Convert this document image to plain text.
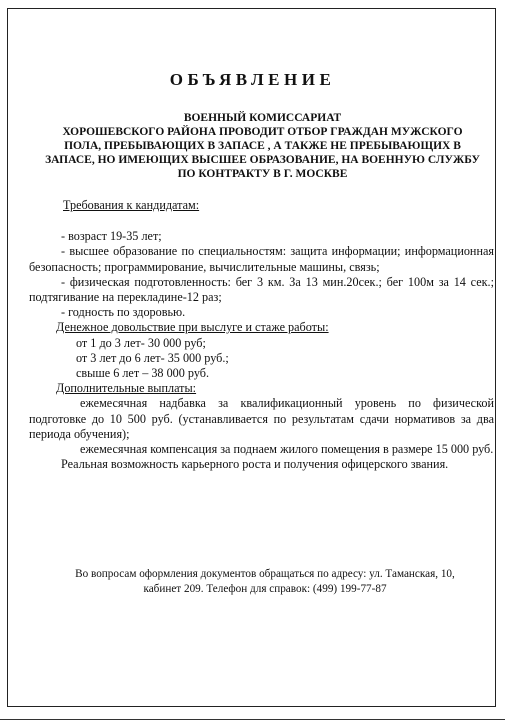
ОБЪЯВЛЕНИЕ
ВОЕННЫЙ КОМИССАРИАТ
ХОРОШЕВСКОГО РАЙОНА ПРОВОДИТ ОТБОР ГРАЖДАН МУЖСКОГО
ПОЛА, ПРЕБЫВАЮЩИХ В ЗАПАСЕ , А ТАКЖЕ НЕ ПРЕБЫВАЮЩИХ В
ЗАПАСЕ, НО ИМЕЮЩИХ ВЫСШЕЕ ОБРАЗОВАНИЕ, НА ВОЕННУЮ СЛУЖБУ
ПО КОНТРАКТУ В Г. МОСКВЕ

Требования к кандидатам:

- возраст 19-35 лет;

- высшее образование по специальностям: защита информации; информационная безопасность; программирование, вычислительные машины, связь;

- физическая подготовленность: бег 3 км. За 13 мин.20сек.; бег 100м за 14 сек.; подтягивание на перекладине-12 раз;

- годность по здоровью.

Денежное довольствие при выслуге и стаже работы:

от 1 до 3 лет- 30 000 руб;

от 3 лет до 6 лет- 35 000 руб.;

свыше 6 лет – 38 000 руб.

Дополнительные выплаты:

ежемесячная надбавка за квалификационный уровень по физической подготовке до 10 500 руб. (устанавливается по результатам сдачи нормативов за два периода обучения);

ежемесячная компенсация за поднаем жилого помещения в размере 15 000 руб.

Реальная возможность карьерного роста и получения офицерского звания.

Во вопросам оформления документов обращаться по адресу: ул. Таманская, 10,
кабинет 209. Телефон для справок: (499) 199-77-87
